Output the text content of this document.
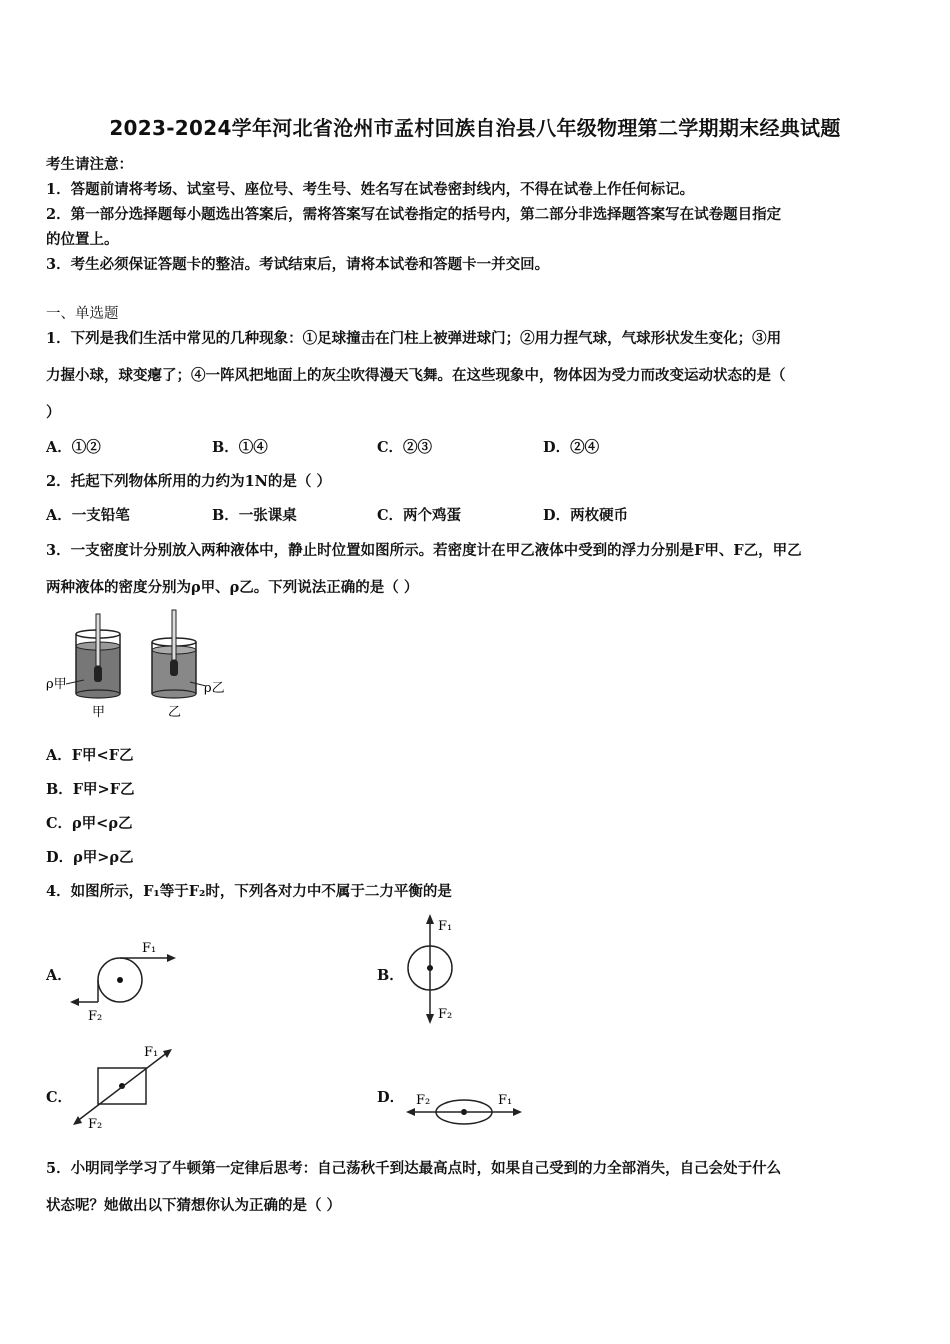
2023-2024学年河北省沧州市孟村回族自治县八年级物理第二学期期末经典试题
考生请注意：
1．答题前请将考场、试室号、座位号、考生号、姓名写在试卷密封线内，不得在试卷上作任何标记。
2．第一部分选择题每小题选出答案后，需将答案写在试卷指定的括号内，第二部分非选择题答案写在试卷题目指定
的位置上。
3．考生必须保证答题卡的整洁。考试结束后，请将本试卷和答题卡一并交回。
一、单选题
1．下列是我们生活中常见的几种现象：①足球撞击在门柱上被弹进球门；②用力捏气球，气球形状发生变化；③用
力握小球，球变瘪了；④一阵风把地面上的灰尘吹得漫天飞舞。在这些现象中，物体因为受力而改变运动状态的是（
）
A．①②	B．①④	C．②③	D．②④
2．托起下列物体所用的力约为1N的是（ ）
A．一支铅笔	B．一张课桌	C．两个鸡蛋	D．两枚硬币
3．一支密度计分别放入两种液体中，静止时位置如图所示。若密度计在甲乙液体中受到的浮力分别是F甲、F乙，甲乙
两种液体的密度分别为ρ甲、ρ乙。下列说法正确的是（ ）
ρ甲	ρ乙
甲	乙
A．F甲<F乙
B．F甲>F乙
C．ρ甲<ρ乙
D．ρ甲>ρ乙
4．如图所示，F₁等于F₂时，下列各对力中不属于二力平衡的是
A．
F₁
F₂
B．
F₁
F₂
C．
F₁
F₂
D． F₂	F₁
5．小明同学学习了牛顿第一定律后思考：自己荡秋千到达最高点时，如果自己受到的力全部消失，自己会处于什么
状态呢？她做出以下猜想你认为正确的是（ ）
